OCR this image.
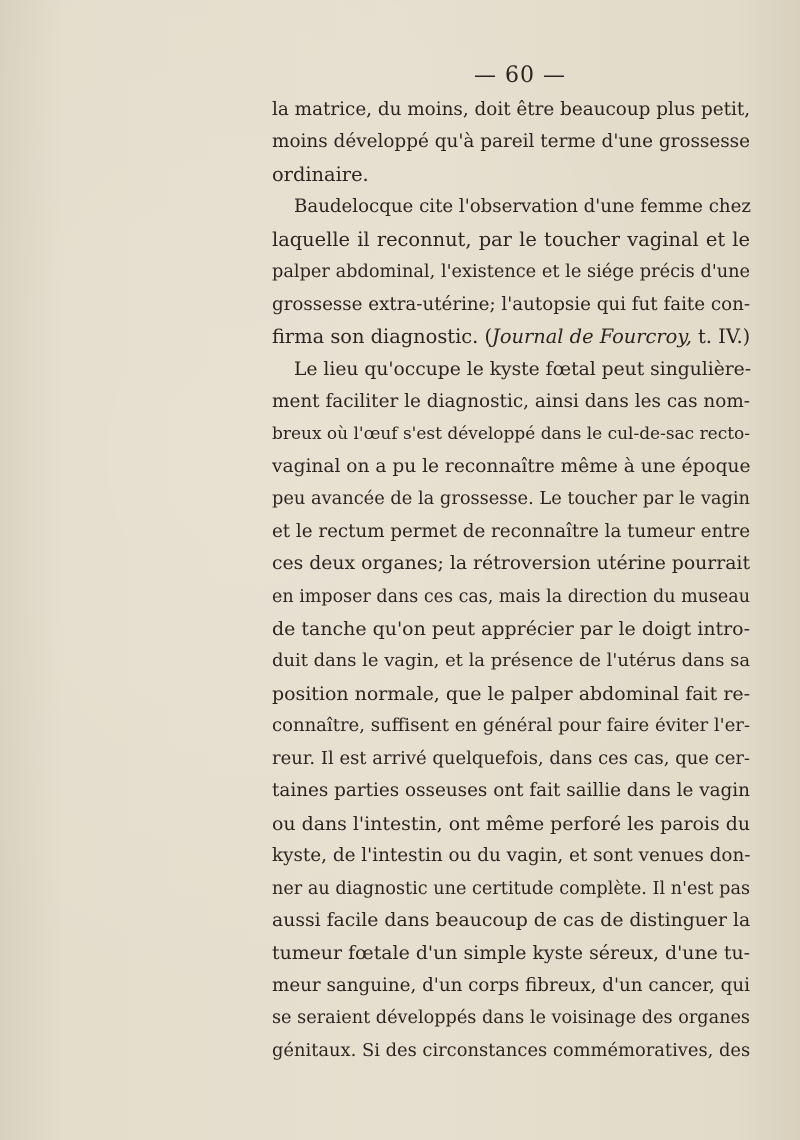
— 60 —
la matrice, du moins, doit être beaucoup plus petit,
moins développé qu'à pareil terme d'une grossesse
ordinaire.
Baudelocque cite l'observation d'une femme chez
laquelle il reconnut, par le toucher vaginal et le
palper abdominal, l'existence et le siége précis d'une
grossesse extra-utérine; l'autopsie qui fut faite con-
firma son diagnostic. (Journal de Fourcroy, t. IV.)
Le lieu qu'occupe le kyste fœtal peut singulière-
ment faciliter le diagnostic, ainsi dans les cas nom-
breux où l'œuf s'est développé dans le cul-de-sac recto-
vaginal on a pu le reconnaître même à une époque
peu avancée de la grossesse. Le toucher par le vagin
et le rectum permet de reconnaître la tumeur entre
ces deux organes; la rétroversion utérine pourrait
en imposer dans ces cas, mais la direction du museau
de tanche qu'on peut apprécier par le doigt intro-
duit dans le vagin, et la présence de l'utérus dans sa
position normale, que le palper abdominal fait re-
connaître, suffisent en général pour faire éviter l'er-
reur. Il est arrivé quelquefois, dans ces cas, que cer-
taines parties osseuses ont fait saillie dans le vagin
ou dans l'intestin, ont même perforé les parois du
kyste, de l'intestin ou du vagin, et sont venues don-
ner au diagnostic une certitude complète. Il n'est pas
aussi facile dans beaucoup de cas de distinguer la
tumeur fœtale d'un simple kyste séreux, d'une tu-
meur sanguine, d'un corps fibreux, d'un cancer, qui
se seraient développés dans le voisinage des organes
génitaux. Si des circonstances commémoratives, des
